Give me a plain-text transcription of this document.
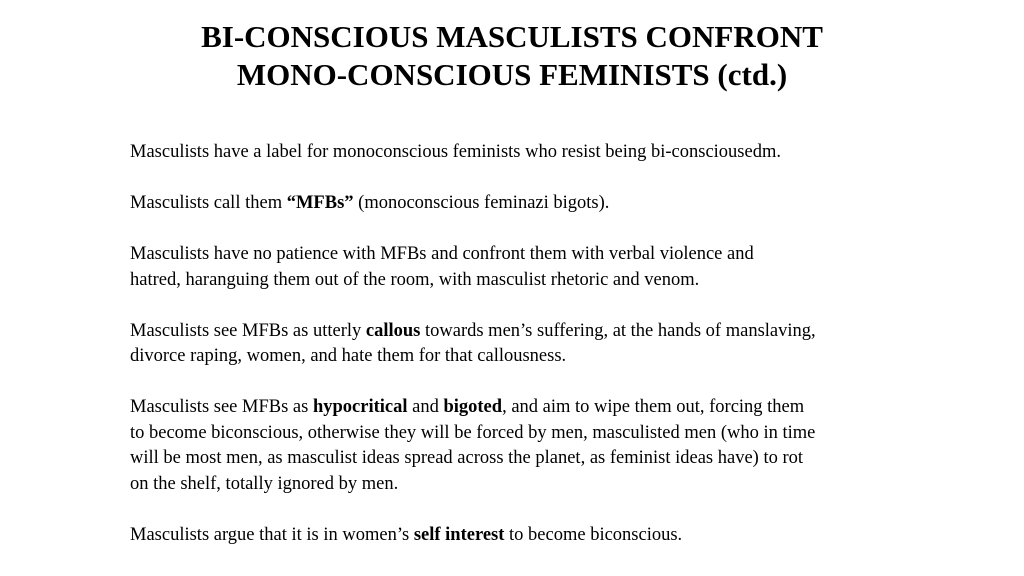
BI-CONSCIOUS MASCULISTS CONFRONT
MONO-CONSCIOUS FEMINISTS (ctd.)

Masculists have a label for monoconscious feminists who resist being bi-consciousedm.

Masculists call them “MFBs” (monoconscious feminazi bigots).

Masculists have no patience with MFBs and confront them with verbal violence and
hatred, haranguing them out of the room, with masculist rhetoric and venom.

Masculists see MFBs as utterly callous towards men’s suffering, at the hands of manslaving,
divorce raping, women, and hate them for that callousness.

Masculists see MFBs as hypocritical and bigoted, and aim to wipe them out, forcing them
to become biconscious, otherwise they will be forced by men, masculisted men (who in time
will be most men, as masculist ideas spread across the planet, as feminist ideas have) to rot
on the shelf, totally ignored by men.

Masculists argue that it is in women’s self interest to become biconscious.
